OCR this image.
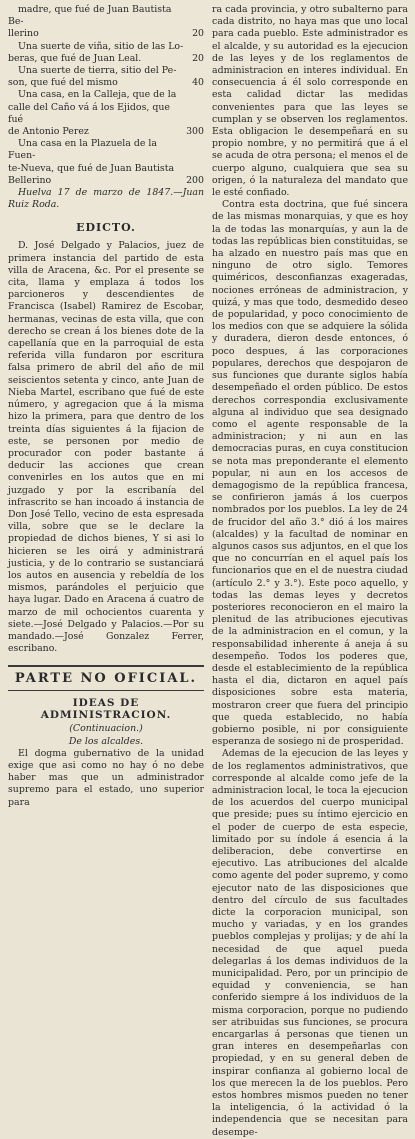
madre, que fué de Juan Bautista Be-
llerino	20
Una suerte de viña, sitio de las Lo-
beras, que fué de Juan Leal.	20
Una suerte de tierra, sitio del Pe-
son, que fué del mismo	40
Una casa, en la Calleja, que de la
calle del Caño vá á los Ejidos, que fué
de Antonio Perez	300
Una casa en la Plazuela de la Fuen-
te-Nueva, que fué de Juan Bautista
Bellerino	200

Huelva 17 de marzo de 1847.—Juan Ruiz Roda.

EDICTO.

D. José Delgado y Palacios, juez de primera instancia del partido de esta villa de Aracena, &c. Por el presente se cita, llama y emplaza á todos los parcioneros y descendientes de Francisca (Isabel) Ramirez de Escobar, hermanas, vecinas de esta villa, que con derecho se crean á los bienes dote de la capellanía que en la parroquial de esta referida villa fundaron por escritura falsa primero de abril del año de mil seiscientos setenta y cinco, ante Juan de Nieba Martel, escribano que fué de este número, y agregacion que á la misma hizo la primera, para que dentro de los treinta días siguientes á la fijacion de este, se personen por medio de procurador con poder bastante á deducir las acciones que crean convenirles en los autos que en mi juzgado y por la escribanía del infrascrito se han incoado á instancia de Don José Tello, vecino de esta espresada villa, sobre que se le declare la propiedad de dichos bienes, Y si asi lo hicieren se les oirá y administrará justicia, y de lo contrario se sustanciará los autos en ausencia y rebeldía de los mismos, parándoles el perjuicio que haya lugar. Dado en Aracena á cuatro de marzo de mil ochocientos cuarenta y siete.—José Delgado y Palacios.—Por su mandado.—José Gonzalez Ferrer, escribano.

PARTE NO OFICIAL.
IDEAS DE ADMINISTRACION.
(Continuacion.)
De los alcaldes.

El dogma gubernativo de la unidad exige que asi como no hay ó no debe haber mas que un administrador supremo para el estado, uno superior para

ra cada provincia, y otro subalterno para cada distrito, no haya mas que uno local para cada pueblo. Este administrador es el alcalde, y su autoridad es la ejecucion de las leyes y de los reglamentos de administracion en interes individual. En consecuencia á él solo corresponde en esta calidad dictar las medidas convenientes para que las leyes se cumplan y se observen los reglamentos. Esta obligacion le desempeñará en su propio nombre, y no permitirá que á el se acuda de otra persona; el menos el de cuerpo alguno, cualquiera que sea su origen, ó la naturaleza del mandato que le esté confiado.

Contra esta doctrina, que fué sincera de las mismas monarquias, y que es hoy la de todas las monarquías, y aun la de todas las repúblicas bien constituidas, se ha alzado en nuestro país mas que en ninguno de otro siglo. Temores quiméricos, desconfianzas exageradas, nociones erróneas de administracion, y quizá, y mas que todo, desmedido deseo de popularidad, y poco conocimiento de los medios con que se adquiere la sólida y duradera, dieron desde entonces, ó poco despues, á las corporaciones populares, derechos que despojaron de sus funciones que durante siglos había desempeñado el orden público. De estos derechos correspondia exclusivamente alguna al individuo que sea designado como el agente responsable de la administracion; y ni aun en las democracias puras, en cuya constitucion se nota mas preponderante el elemento popular, ni aun en los accesos de demagogismo de la república francesa, se confirieron jamás á los cuerpos nombrados por los pueblos. La ley de 24 de frucidor del año 3.° dió á los maires (alcaldes) y la facultad de nominar en algunos casos sus adjuntos, en el que los que no concurrían en el aquel país los funcionarios que en el de nuestra ciudad (artículo 2.° y 3.°). Este poco aquello, y todas las demas leyes y decretos posteriores reconocieron en el mairo la plenitud de las atribuciones ejecutivas de la administracion en el comun, y la responsabilidad inherente á aneja á su desempeño. Todos los poderes que, desde el establecimiento de la república hasta el dia, dictaron en aquel país disposiciones sobre esta materia, mostraron creer que fuera del principio que queda establecido, no había gobierno posible, ni por consiguiente esperanza de sosiego ni de prosperidad.

Ademas de la ejecucion de las leyes y de los reglamentos administrativos, que corresponde al alcalde como jefe de la administracion local, le toca la ejecucion de los acuerdos del cuerpo municipal que preside; pues su íntimo ejercicio en el poder de cuerpo de esta especie, limitado por su índole á esencia á la deliberacion, debe convertirse en ejecutivo. Las atribuciones del alcalde como agente del poder supremo, y como ejecutor nato de las disposiciones que dentro del círculo de sus facultades dicte la corporacion municipal, son mucho y variadas, y en los grandes pueblos complejas y prolijas; y de ahí la necesidad de que aquel pueda delegarlas á los demas individuos de la municipalidad. Pero, por un principio de equidad y conveniencia, se han conferido siempre á los individuos de la misma corporacion, porque no pudiendo ser atribuidas sus funciones, se procura encargarlas á personas que tienen un gran interes en desempeñarlas con propiedad, y en su general deben de inspirar confianza al gobierno local de los que merecen la de los pueblos. Pero estos hombres mismos pueden no tener la inteligencia, ó la actividad ó la independencia que se necesitan para desempe-
